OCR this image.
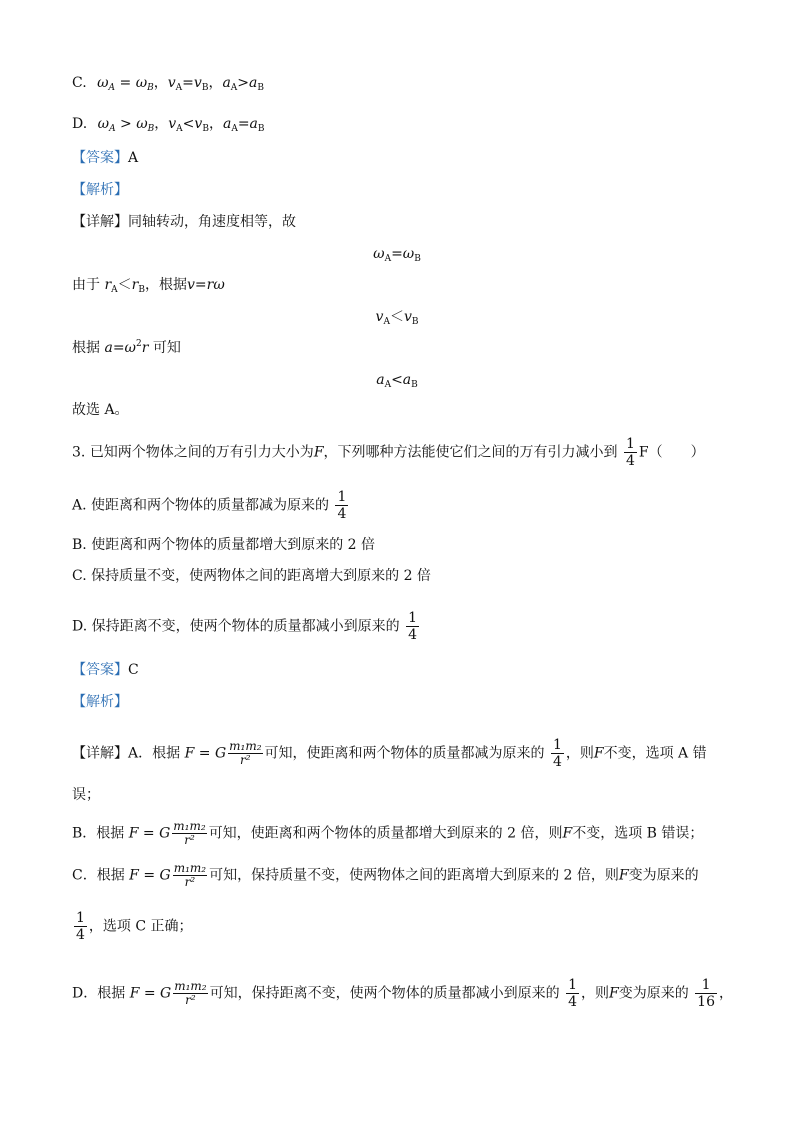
C. $\omega_A = \omega_B$，$v_A=v_B$，$a_A>a_B$
D. $\omega_A > \omega_B$，$v_A<v_B$，$a_A=a_B$
【答案】A
【解析】
【详解】同轴转动，角速度相等，故
$\omega_A=\omega_B$
由于 $r_A<r_B$，根据v=rω
$v_A<v_B$
根据 $a=\omega^2r$ 可知
$a_A<a_B$
故选 A。
3. 已知两个物体之间的万有引力大小为F，下列哪种方法能使它们之间的万有引力减小到 $\frac{1}{4} F$（　　）
A. 使距离和两个物体的质量都减为原来的 $\frac{1}{4}$
B. 使距离和两个物体的质量都增大到原来的 2 倍
C. 保持质量不变，使两物体之间的距离增大到原来的 2 倍
D. 保持距离不变，使两个物体的质量都减小到原来的 $\frac{1}{4}$
【答案】C
【解析】
【详解】A．根据 F = G $\frac{\text{m₁m₂}}{\text{r²}}$ 可知，使距离和两个物体的质量都减为原来的 $\frac{1}{4}$ ，则F不变，选项 A 错
误；
B．根据 F = G $\frac{\text{m₁m₂}}{\text{r²}}$ 可知，使距离和两个物体的质量都增大到原来的 2 倍，则F不变，选项 B 错误；
C．根据 F = G $\frac{\text{m₁m₂}}{\text{r²}}$ 可知，保持质量不变，使两物体之间的距离增大到原来的 2 倍，则F变为原来的
$\frac{1}{4}$ ，选项 C 正确；
D．根据 F = G $\frac{\text{m₁m₂}}{\text{r²}}$ 可知，保持距离不变，使两个物体的质量都减小到原来的 $\frac{1}{4}$ ，则F变为原来的 $\frac{1}{16}$ ，
